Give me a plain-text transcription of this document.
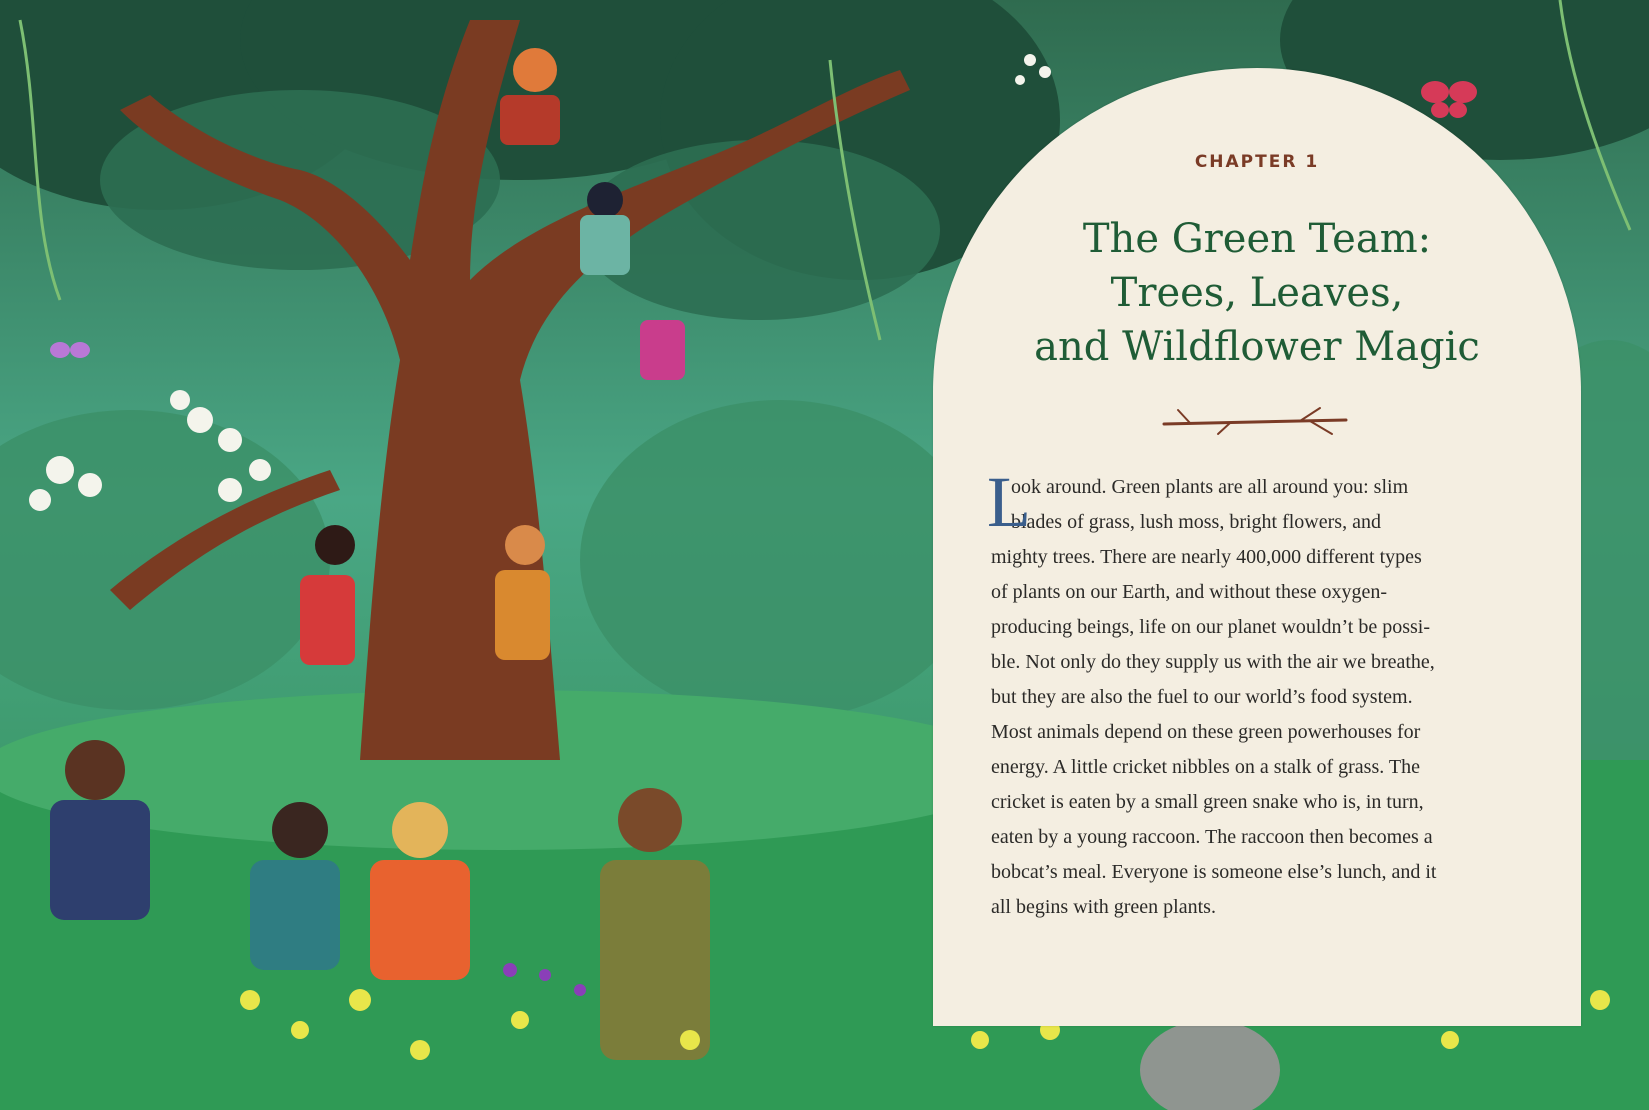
CHAPTER 1
The Green Team:
Trees, Leaves,
and Wildflower Magic
L
ook around. Green plants are all around you: slim
blades of grass, lush moss, bright flowers, and
mighty trees. There are nearly 400,000 different types
of plants on our Earth, and without these oxygen-
producing beings, life on our planet wouldn’t be possi-
ble. Not only do they supply us with the air we breathe,
but they are also the fuel to our world’s food system.
Most animals depend on these green powerhouses for
energy. A little cricket nibbles on a stalk of grass. The
cricket is eaten by a small green snake who is, in turn,
eaten by a young raccoon. The raccoon then becomes a
bobcat’s meal. Everyone is someone else’s lunch, and it
all begins with green plants.
